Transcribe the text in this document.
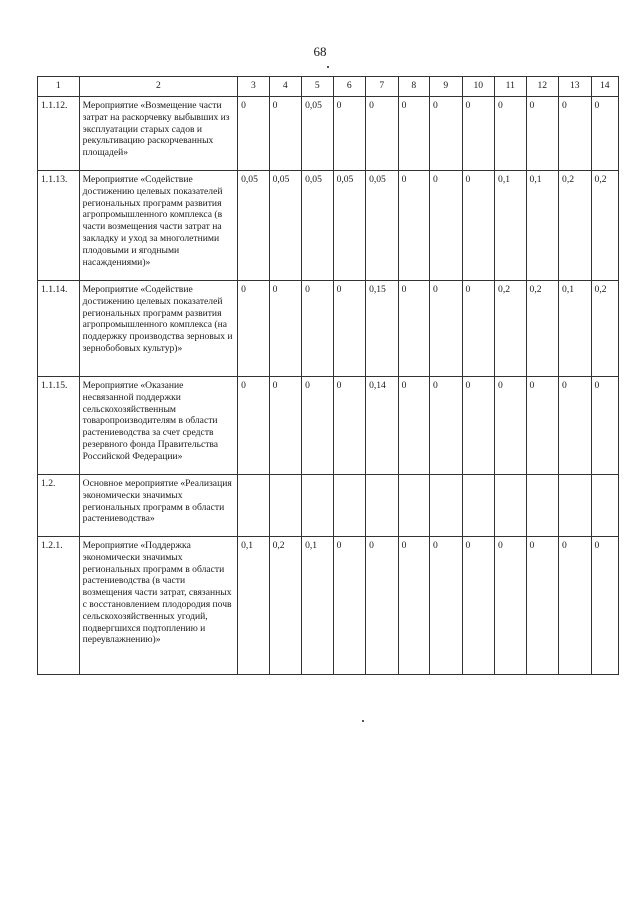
68
1	2	3	4	5	6	7	8	9	10	11	12	13	14
1.1.12.	Мероприятие «Возмещение части затрат на раскорчевку выбывших из эксплуатации старых садов и рекультивацию раскорчеванных площадей»	0	0	0,05	0	0	0	0	0	0	0	0	0
1.1.13.	Мероприятие «Содействие достижению целевых показателей региональных программ развития агропромышленного комплекса (в части возмещения части затрат на закладку и уход за многолетними плодовыми и ягодными насаждениями)»	0,05	0,05	0,05	0,05	0,05	0	0	0	0,1	0,1	0,2	0,2
1.1.14.	Мероприятие «Содействие достижению целевых показателей региональных программ развития агропромышленного комплекса (на поддержку производства зерновых и зернобобовых культур)»	0	0	0	0	0,15	0	0	0	0,2	0,2	0,1	0,2
1.1.15.	Мероприятие «Оказание несвязанной поддержки сельскохозяйственным товаропроизводителям в области растениеводства за счет средств резервного фонда Правительства Российской Федерации»	0	0	0	0	0,14	0	0	0	0	0	0	0
1.2.	Основное мероприятие «Реализация экономически значимых региональных программ в области растениеводства»												
1.2.1.	Мероприятие «Поддержка экономически значимых региональных программ в области растениеводства (в части возмещения части затрат, связанных с восстановлением плодородия почв сельскохозяйственных угодий, подвергшихся подтоплению и переувлажнению)»	0,1	0,2	0,1	0	0	0	0	0	0	0	0	0
